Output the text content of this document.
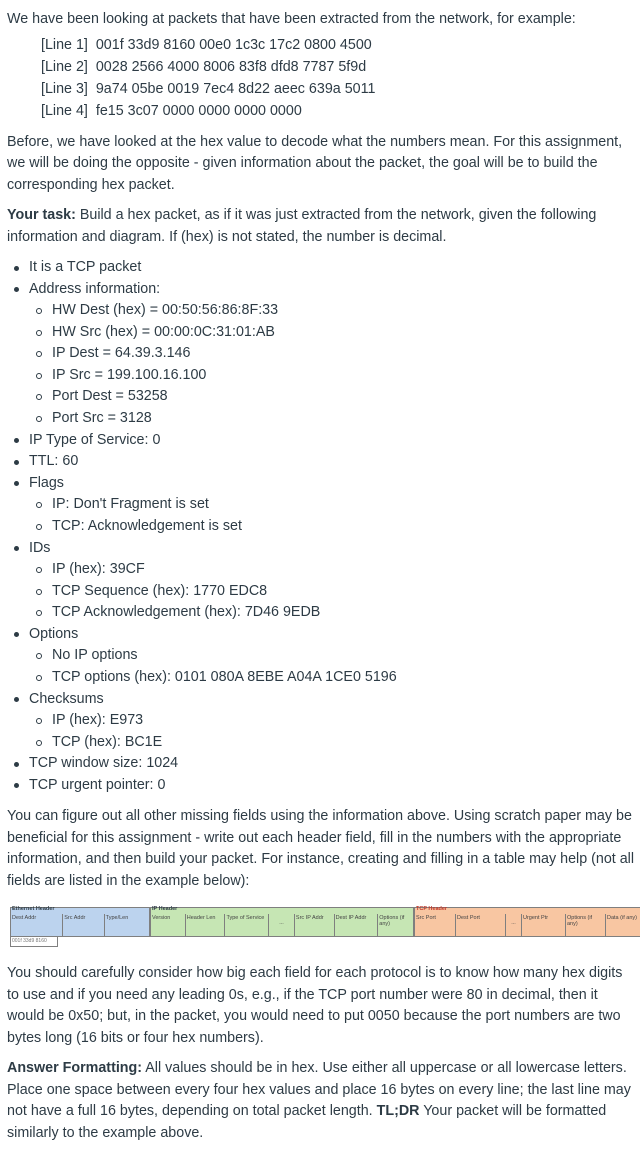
We have been looking at packets that have been extracted from the network, for example:

[Line 1] 001f 33d9 8160 00e0 1c3c 17c2 0800 4500
[Line 2] 0028 2566 4000 8006 83f8 dfd8 7787 5f9d
[Line 3] 9a74 05be 0019 7ec4 8d22 aeec 639a 5011
[Line 4] fe15 3c07 0000 0000 0000 0000

Before, we have looked at the hex value to decode what the numbers mean. For this assignment, we will be doing the opposite - given information about the packet, the goal will be to build the corresponding hex packet.

Your task: Build a hex packet, as if it was just extracted from the network, given the following information and diagram. If (hex) is not stated, the number is decimal.

It is a TCP packet
Address information:
HW Dest (hex) = 00:50:56:86:8F:33
HW Src (hex) = 00:00:0C:31:01:AB
IP Dest = 64.39.3.146
IP Src = 199.100.16.100
Port Dest = 53258
Port Src = 3128
IP Type of Service: 0
TTL: 60
Flags
IP: Don't Fragment is set
TCP: Acknowledgement is set
IDs
IP (hex): 39CF
TCP Sequence (hex): 1770 EDC8
TCP Acknowledgement (hex): 7D46 9EDB
Options
No IP options
TCP options (hex): 0101 080A 8EBE A04A 1CE0 5196
Checksums
IP (hex): E973
TCP (hex): BC1E
TCP window size: 1024
TCP urgent pointer: 0

You can figure out all other missing fields using the information above. Using scratch paper may be beneficial for this assignment - write out each header field, fill in the numbers with the appropriate information, and then build your packet. For instance, creating and filling in a table may help (not all fields are listed in the example below):

Ethernet Header
Dest Addr	Src Addr	Type/Len
001f 33d9 8160
IP Header
Version	Header Len	Type of Service
...
Src IP Addr	Dest IP Addr	Options (if any)
TCP Header
Src Port	Dest Port
...
Urgent Ptr	Options (if any)
Data (if any)

You should carefully consider how big each field for each protocol is to know how many hex digits to use and if you need any leading 0s, e.g., if the TCP port number were 80 in decimal, then it would be 0x50; but, in the packet, you would need to put 0050 because the port numbers are two bytes long (16 bits or four hex numbers).

Answer Formatting: All values should be in hex. Use either all uppercase or all lowercase letters. Place one space between every four hex values and place 16 bytes on every line; the last line may not have a full 16 bytes, depending on total packet length. TL;DR Your packet will be formatted similarly to the example above.
